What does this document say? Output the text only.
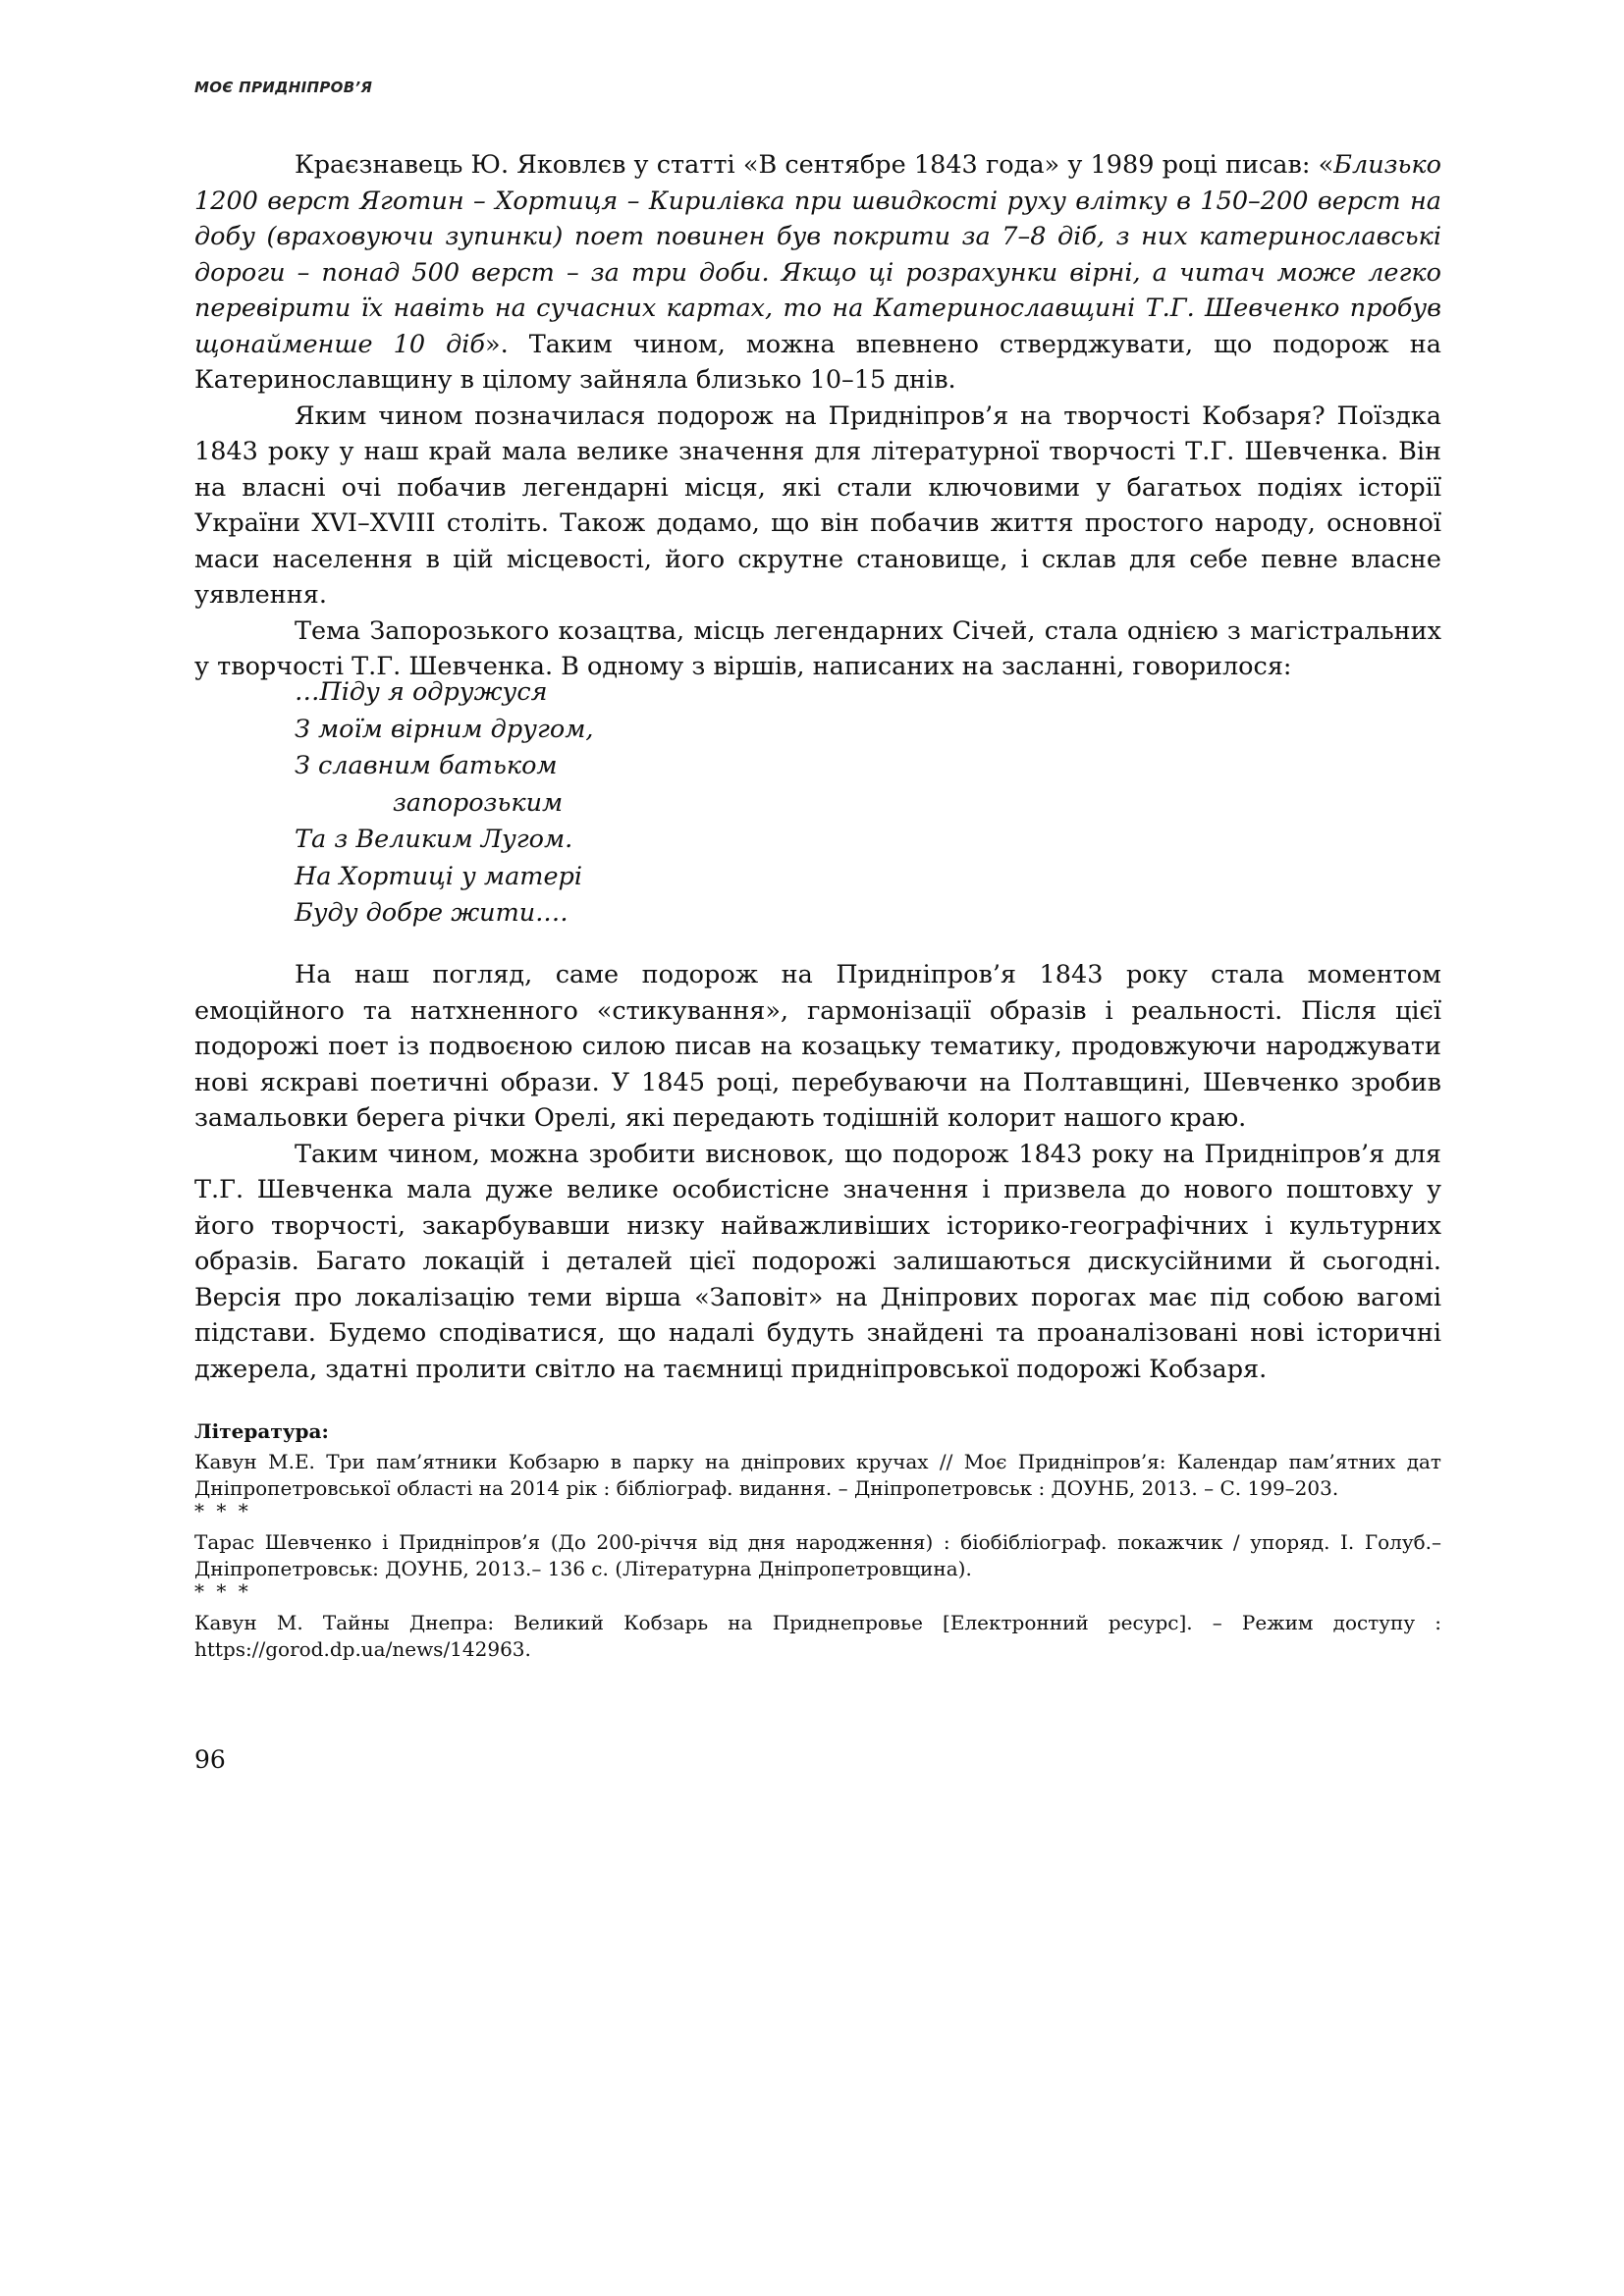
МОЄ ПРИДНІПРОВ’Я

Краєзнавець Ю. Яковлєв у статті «В сентябре 1843 года» у 1989 році писав: «Близько 1200 верст Яготин – Хортиця – Кирилівка при швидкості руху влітку в 150–200 верст на добу (враховуючи зупинки) поет повинен був покрити за 7–8 діб, з них катеринославські дороги – понад 500 верст – за три доби. Якщо ці розрахунки вірні, а читач може легко перевірити їх навіть на сучасних картах, то на Катеринославщині Т.Г. Шевченко пробув щонайменше 10 діб». Таким чином, можна впевнено стверджувати, що подорож на Катеринославщину в цілому зайняла близько 10–15 днів.

Яким чином позначилася подорож на Придніпров’я на творчості Кобзаря? Поїздка 1843 року у наш край мала велике значення для літературної творчості Т.Г. Шевченка. Він на власні очі побачив легендарні місця, які стали ключовими у багатьох подіях історії України XVI–XVIII століть. Також додамо, що він побачив життя простого народу, основної маси населення в цій місцевості, його скрутне становище, і склав для себе певне власне уявлення.

Тема Запорозького козацтва, місць легендарних Січей, стала однією з магістральних у творчості Т.Г. Шевченка. В одному з віршів, написаних на засланні, говорилося:

…Піду я одружуся
З моїм вірним другом,
З славним батьком
запорозьким
Та з Великим Лугом.
На Хортиці у матері
Буду добре жити.…

На наш погляд, саме подорож на Придніпров’я 1843 року стала моментом емоційного та натхненного «стикування», гармонізації образів і реальності. Після цієї подорожі поет із подвоєною силою писав на козацьку тематику, продовжуючи народжувати нові яскраві поетичні образи. У 1845 році, перебуваючи на Полтавщині, Шевченко зробив замальовки берега річки Орелі, які передають тодішній колорит нашого краю.

Таким чином, можна зробити висновок, що подорож 1843 року на Придніпров’я для Т.Г. Шевченка мала дуже велике особистісне значення і призвела до нового поштовху у його творчості, закарбувавши низку найважливіших історико-географічних і культурних образів. Багато локацій і деталей цієї подорожі залишаються дискусійними й сьогодні. Версія про локалізацію теми вірша «Заповіт» на Дніпрових порогах має під собою вагомі підстави. Будемо сподіватися, що надалі будуть знайдені та проаналізовані нові історичні джерела, здатні пролити світло на таємниці придніпровської подорожі Кобзаря.

Література:
Кавун М.Е. Три пам’ятники Кобзарю в парку на дніпрових кручах // Моє Придніпров’я: Календар пам’ятних дат Дніпропетровської області на 2014 рік : бібліограф. видання. – Дніпропетровськ : ДОУНБ, 2013. – С. 199–203.
* * *
Тарас Шевченко і Придніпров’я (До 200-річчя від дня народження) : біобібліограф. покажчик / упоряд. І. Голуб.– Дніпропетровськ: ДОУНБ, 2013.– 136 с. (Літературна Дніпропетровщина).
* * *
Кавун М. Тайны Днепра: Великий Кобзарь на Приднепровье [Електронний ресурс]. – Режим доступу : https://gorod.dp.ua/news/142963.
96
